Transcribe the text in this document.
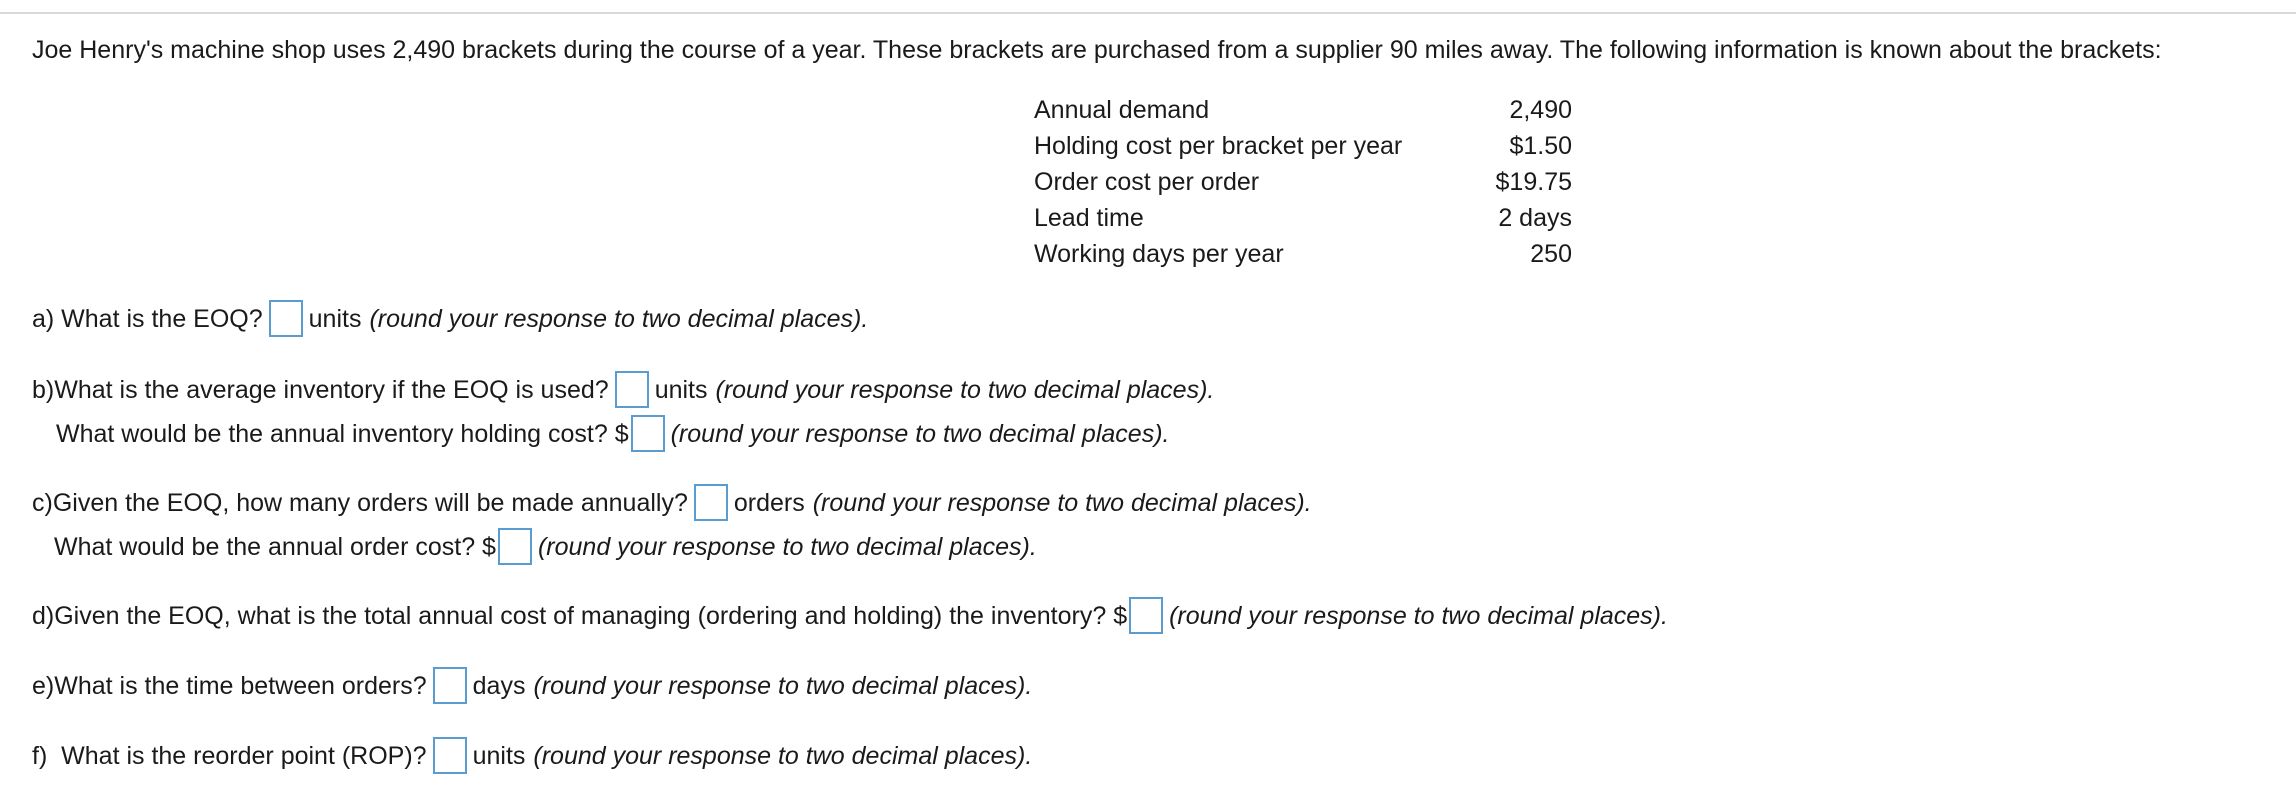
Joe Henry's machine shop uses 2,490 brackets during the course of a year. These brackets are purchased from a supplier 90 miles away. The following information is known about the brackets:
Annual demand	2,490
Holding cost per bracket per year	$1.50
Order cost per order	$19.75
Lead time	2 days
Working days per year	250
a) What is the EOQ? units (round your response to two decimal places).
b)What is the average inventory if the EOQ is used? units (round your response to two decimal places).
What would be the annual inventory holding cost? $ (round your response to two decimal places).
c)Given the EOQ, how many orders will be made annually? orders (round your response to two decimal places).
What would be the annual order cost? $ (round your response to two decimal places).
d)Given the EOQ, what is the total annual cost of managing (ordering and holding) the inventory? $ (round your response to two decimal places).
e)What is the time between orders? days (round your response to two decimal places).
f)  What is the reorder point (ROP)? units (round your response to two decimal places).
